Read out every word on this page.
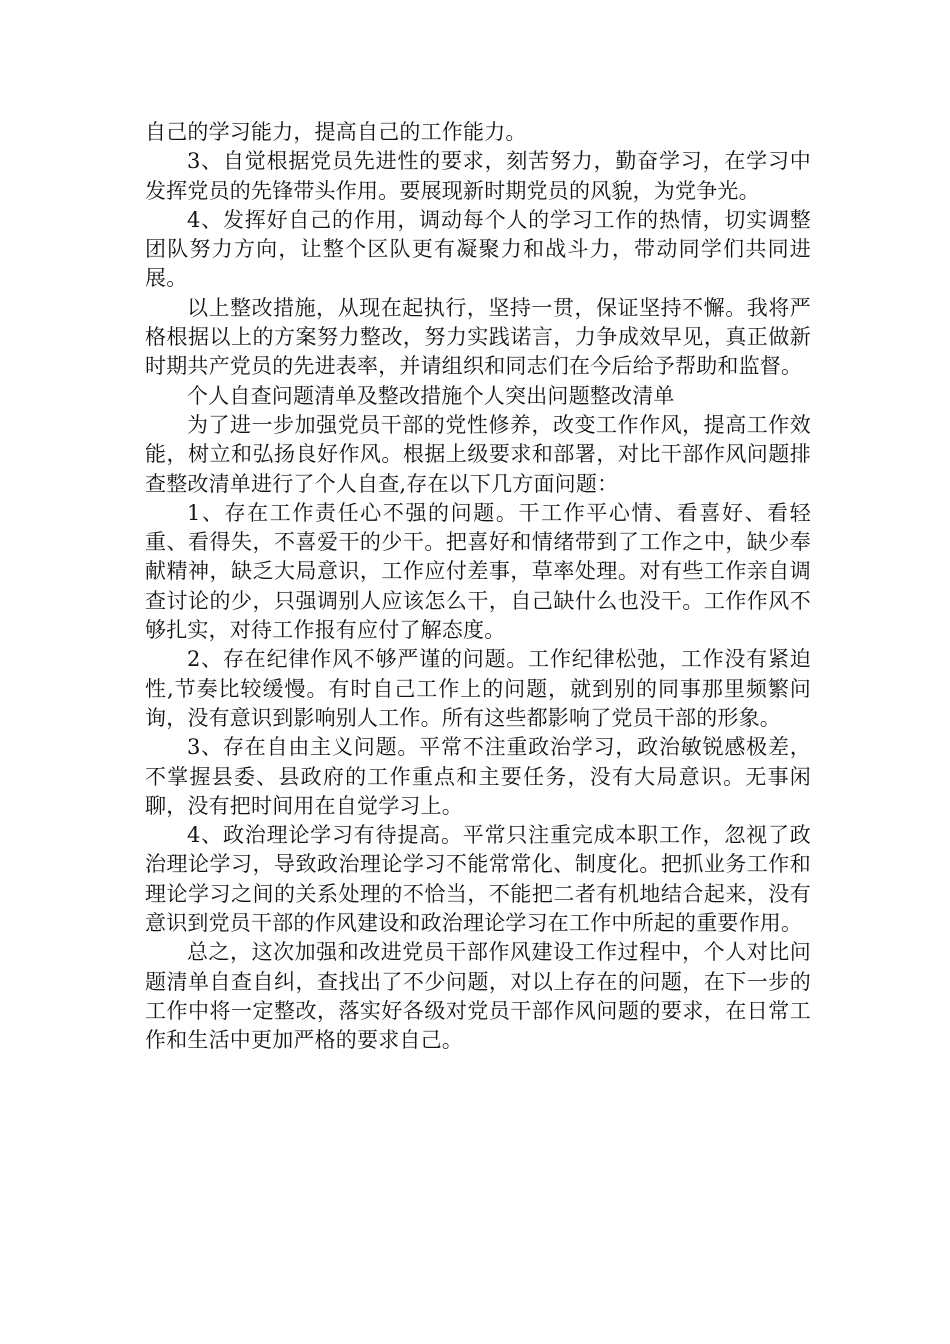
自己的学习能力，提高自己的工作能力。

3、自觉根据党员先进性的要求，刻苦努力，勤奋学习，在学习中发挥党员的先锋带头作用。要展现新时期党员的风貌，为党争光。

4、发挥好自己的作用，调动每个人的学习工作的热情，切实调整团队努力方向，让整个区队更有凝聚力和战斗力，带动同学们共同进展。

以上整改措施，从现在起执行，坚持一贯，保证坚持不懈。我将严格根据以上的方案努力整改，努力实践诺言，力争成效早见，真正做新时期共产党员的先进表率，并请组织和同志们在今后给予帮助和监督。

个人自查问题清单及整改措施个人突出问题整改清单

为了进一步加强党员干部的党性修养，改变工作作风，提高工作效能，树立和弘扬良好作风。根据上级要求和部署，对比干部作风问题排查整改清单进行了个人自查,存在以下几方面问题：

1、存在工作责任心不强的问题。干工作平心情、看喜好、看轻重、看得失，不喜爱干的少干。把喜好和情绪带到了工作之中，缺少奉献精神，缺乏大局意识，工作应付差事，草率处理。对有些工作亲自调查讨论的少，只强调别人应该怎么干，自己缺什么也没干。工作作风不够扎实，对待工作报有应付了解态度。

2、存在纪律作风不够严谨的问题。工作纪律松弛，工作没有紧迫性,节奏比较缓慢。有时自己工作上的问题，就到别的同事那里频繁问询，没有意识到影响别人工作。所有这些都影响了党员干部的形象。

3、存在自由主义问题。平常不注重政治学习，政治敏锐感极差，不掌握县委、县政府的工作重点和主要任务，没有大局意识。无事闲聊，没有把时间用在自觉学习上。

4、政治理论学习有待提高。平常只注重完成本职工作，忽视了政治理论学习，导致政治理论学习不能常常化、制度化。把抓业务工作和理论学习之间的关系处理的不恰当，不能把二者有机地结合起来，没有意识到党员干部的作风建设和政治理论学习在工作中所起的重要作用。

总之，这次加强和改进党员干部作风建设工作过程中，个人对比问题清单自查自纠，查找出了不少问题，对以上存在的问题，在下一步的工作中将一定整改，落实好各级对党员干部作风问题的要求，在日常工作和生活中更加严格的要求自己。
